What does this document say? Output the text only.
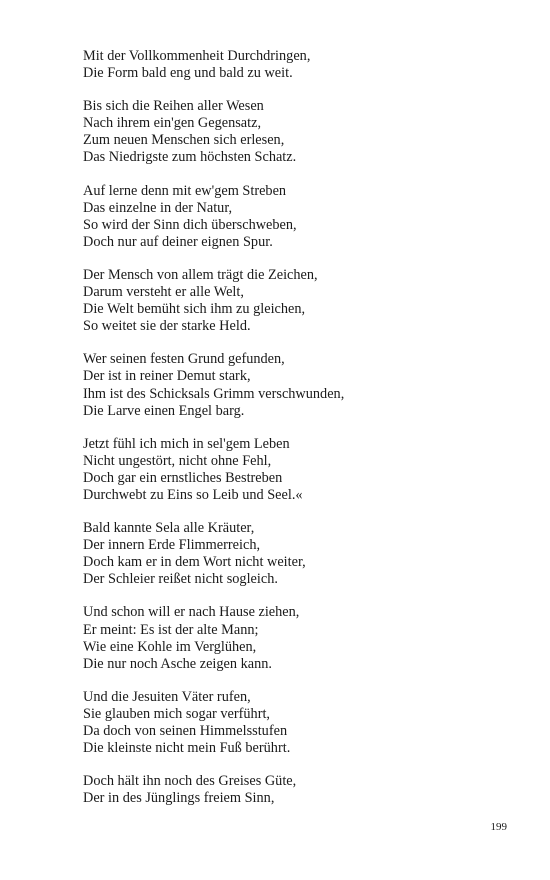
Mit der Vollkommenheit Durchdringen,
Die Form bald eng und bald zu weit.
Bis sich die Reihen aller Wesen
Nach ihrem ein'gen Gegensatz,
Zum neuen Menschen sich erlesen,
Das Niedrigste zum höchsten Schatz.
Auf lerne denn mit ew'gem Streben
Das einzelne in der Natur,
So wird der Sinn dich überschweben,
Doch nur auf deiner eignen Spur.
Der Mensch von allem trägt die Zeichen,
Darum versteht er alle Welt,
Die Welt bemüht sich ihm zu gleichen,
So weitet sie der starke Held.
Wer seinen festen Grund gefunden,
Der ist in reiner Demut stark,
Ihm ist des Schicksals Grimm verschwunden,
Die Larve einen Engel barg.
Jetzt fühl ich mich in sel'gem Leben
Nicht ungestört, nicht ohne Fehl,
Doch gar ein ernstliches Bestreben
Durchwebt zu Eins so Leib und Seel.«
Bald kannte Sela alle Kräuter,
Der innern Erde Flimmerreich,
Doch kam er in dem Wort nicht weiter,
Der Schleier reißet nicht sogleich.
Und schon will er nach Hause ziehen,
Er meint: Es ist der alte Mann;
Wie eine Kohle im Verglühen,
Die nur noch Asche zeigen kann.
Und die Jesuiten Väter rufen,
Sie glauben mich sogar verführt,
Da doch von seinen Himmelsstufen
Die kleinste nicht mein Fuß berührt.
Doch hält ihn noch des Greises Güte,
Der in des Jünglings freiem Sinn,
199
